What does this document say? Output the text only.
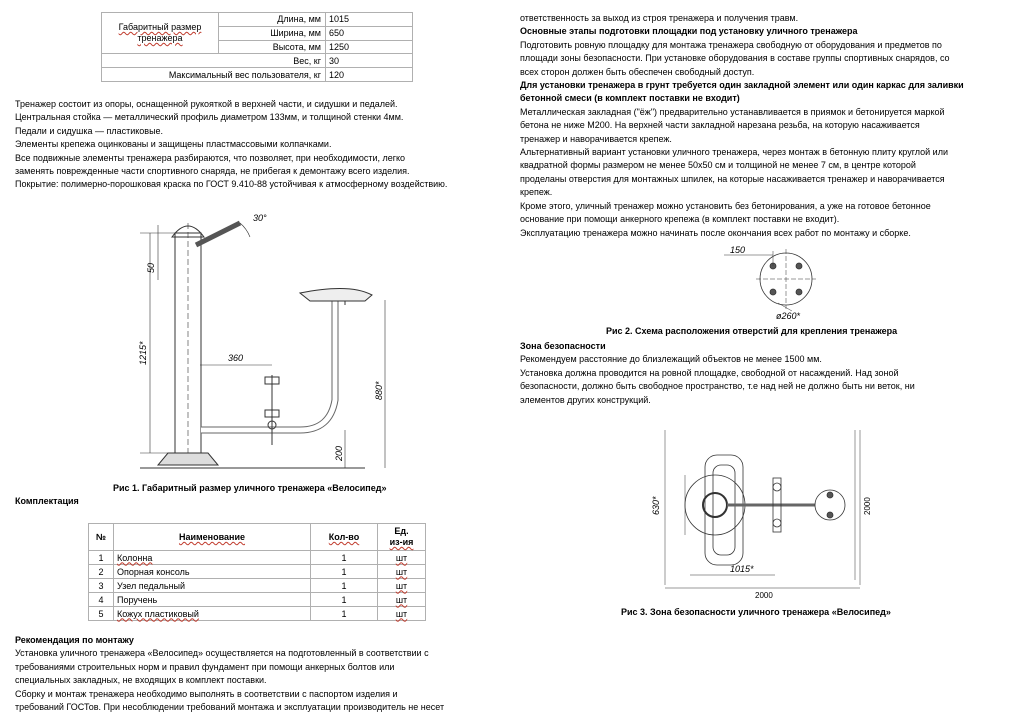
Габаритный размер тренажера	Длина, мм	1015
	Ширина, мм	650
	Высота, мм	1250
Вес, кг		30
Максимальный вес пользователя, кг		120
Тренажер состоит из опоры, оснащенной рукояткой в верхней части, и сидушки и педалей.
Центральная стойка — металлический профиль диаметром 133мм, и толщиной стенки 4мм.
Педали и сидушка — пластиковые.
Элементы крепежа оцинкованы и защищены пластмассовыми колпачками.
Все подвижные элементы тренажера разбираются, что позволяет, при необходимости, легко
заменять поврежденные части спортивного снаряда, не прибегая к демонтажу всего изделия.
Покрытие: полимерно-порошковая краска по ГОСТ 9.410-88 устойчивая к атмосферному воздействию.
30°
50
1215*	360
880*
200
Рис 1. Габаритный размер уличного тренажера «Велосипед»
Комплектация
№	Наименование	Кол-во	Ед.
из-ия
1	Колонна	1	шт
2	Опорная консоль	1	шт
3	Узел педальный	1	шт
4	Поручень	1	шт
5	Кожух пластиковый	1	шт
Рекомендация по монтажу
Установка уличного тренажера «Велосипед» осуществляется на подготовленный в соответствии с
требованиями строительных норм и правил фундамент при помощи анкерных болтов или
специальных закладных, не входящих в комплект поставки.
Сборку и монтаж тренажера необходимо выполнять в соответствии с паспортом изделия и
требований ГОСТов. При несоблюдении требований монтажа и эксплуатации производитель не несет
ответственность за выход из строя тренажера и получения травм.
Основные этапы подготовки площадки под установку уличного тренажера
Подготовить ровную площадку для монтажа тренажера свободную от оборудования и предметов по
площади зоны безопасности. При установке оборудования в составе группы спортивных снарядов, со
всех сторон должен быть обеспечен свободный доступ.
Для установки тренажера в грунт требуется один закладной элемент или один каркас для заливки
бетонной смеси (в комплект поставки не входит)
Металлическая закладная ("ёж") предварительно устанавливается в приямок и бетонируется маркой
бетона не ниже М200. На верхней части закладной нарезана резьба, на которую насаживается
тренажер и наворачивается крепеж.
Альтернативный вариант установки уличного тренажера, через монтаж в бетонную плиту круглой или
квадратной формы размером не менее 50х50 см и толщиной не менее 7 см, в центре которой
проделаны отверстия для монтажных шпилек, на которые насаживается тренажер и наворачивается
крепеж.
Кроме этого, уличный тренажер можно установить без бетонирования, а уже на готовое бетонное
основание при помощи анкерного крепежа (в комплект поставки не входит).
Эксплуатацию тренажера можно начинать после окончания всех работ по монтажу и сборке.
150
ø260*
Рис 2. Схема расположения отверстий для крепления тренажера
Зона безопасности
Рекомендуем расстояние до близлежащий объектов не менее 1500 мм.
Установка должна проводится на ровной площадке, свободной от насаждений. Над зоной
безопасности, должно быть свободное пространство, т.е над ней не должно быть ни веток, ни
элементов других конструкций.
630*
1015*
2000
2000
Рис 3. Зона безопасности уличного тренажера «Велосипед»
